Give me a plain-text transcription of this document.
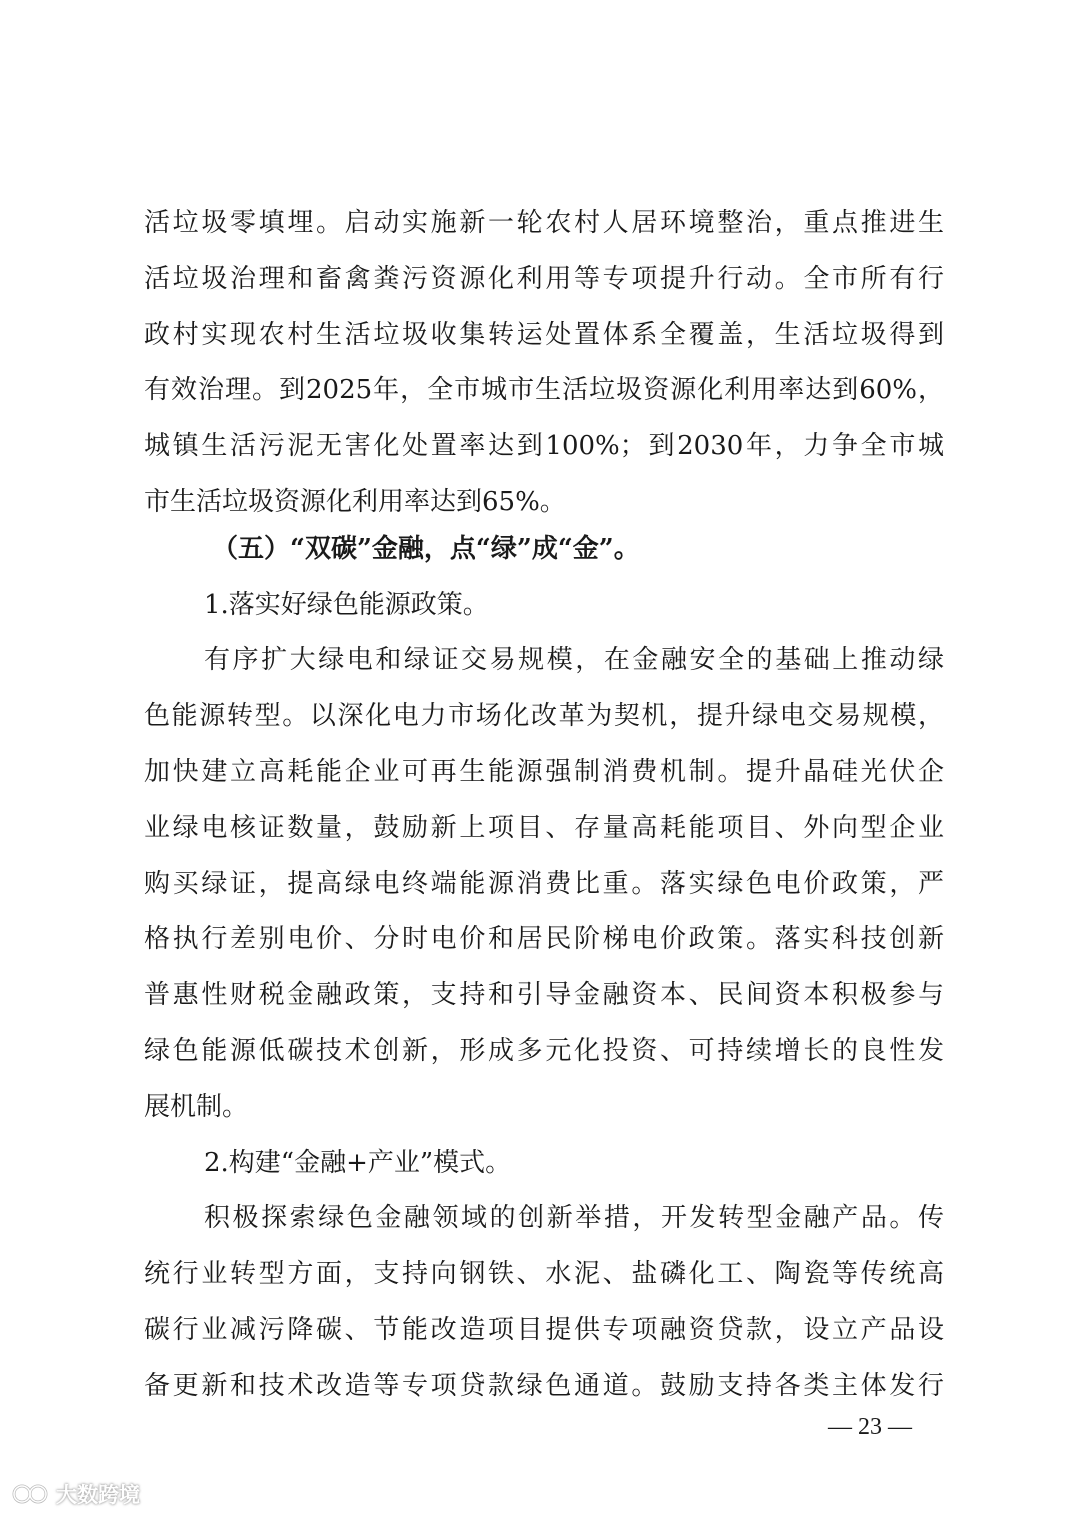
活垃圾零填埋。启动实施新一轮农村人居环境整治，重点推进生

活垃圾治理和畜禽粪污资源化利用等专项提升行动。全市所有行

政村实现农村生活垃圾收集转运处置体系全覆盖，生活垃圾得到

有效治理。到2025年，全市城市生活垃圾资源化利用率达到60%，

城镇生活污泥无害化处置率达到100%；到2030年，力争全市城

市生活垃圾资源化利用率达到65%。

（五）“双碳”金融，点“绿”成“金”。

1.落实好绿色能源政策。

有序扩大绿电和绿证交易规模，在金融安全的基础上推动绿

色能源转型。以深化电力市场化改革为契机，提升绿电交易规模，

加快建立高耗能企业可再生能源强制消费机制。提升晶硅光伏企

业绿电核证数量，鼓励新上项目、存量高耗能项目、外向型企业

购买绿证，提高绿电终端能源消费比重。落实绿色电价政策，严

格执行差别电价、分时电价和居民阶梯电价政策。落实科技创新

普惠性财税金融政策，支持和引导金融资本、民间资本积极参与

绿色能源低碳技术创新，形成多元化投资、可持续增长的良性发

展机制。

2.构建“金融+产业”模式。

积极探索绿色金融领域的创新举措，开发转型金融产品。传

统行业转型方面，支持向钢铁、水泥、盐磷化工、陶瓷等传统高

碳行业减污降碳、节能改造项目提供专项融资贷款，设立产品设

备更新和技术改造等专项贷款绿色通道。鼓励支持各类主体发行

— 23 —
大数跨境
